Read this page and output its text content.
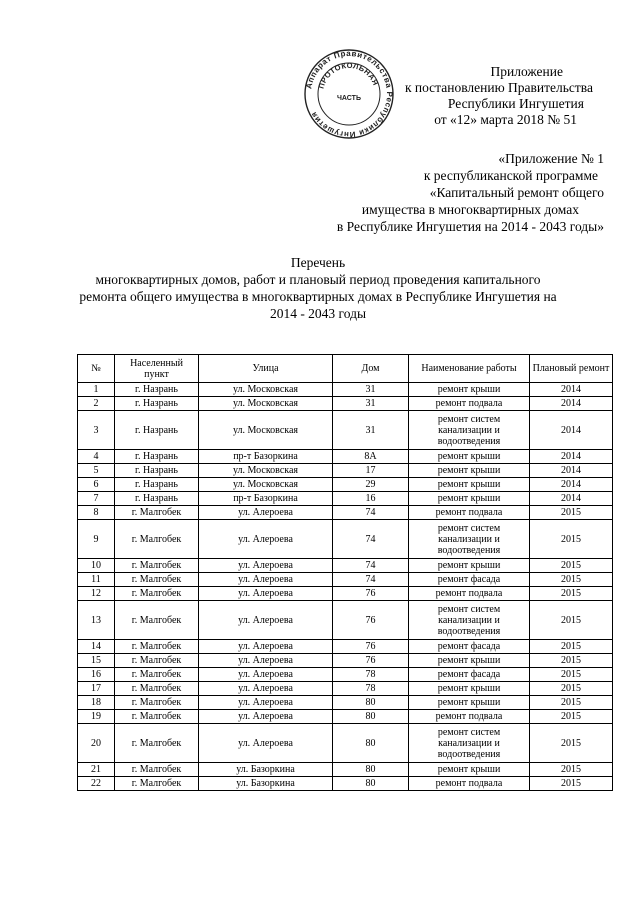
Аппарат Правительства Республики Ингушетия
ПРОТОКОЛЬНАЯ
ЧАСТЬ
Приложение
к постановлению Правительства
Республики Ингушетия
от «12» марта 2018 № 51
«Приложение № 1
к республиканской программе
«Капитальный ремонт общего
имущества в многоквартирных домах
в Республике Ингушетия на 2014 - 2043 годы»
Перечень
многоквартирных домов, работ и плановый период проведения капитального
ремонта общего имущества в многоквартирных домах в Республике Ингушетия на
2014 - 2043 годы
№	Населенный пункт	Улица	Дом	Наименование работы	Плановый ремонт
1	г. Назрань	ул. Московская	31	ремонт крыши	2014
2	г. Назрань	ул. Московская	31	ремонт подвала	2014
3	г. Назрань	ул. Московская	31	ремонт систем канализации и водоотведения	2014
4	г. Назрань	пр-т Базоркина	8А	ремонт крыши	2014
5	г. Назрань	ул. Московская	17	ремонт крыши	2014
6	г. Назрань	ул. Московская	29	ремонт крыши	2014
7	г. Назрань	пр-т Базоркина	16	ремонт крыши	2014
8	г. Малгобек	ул. Алероева	74	ремонт подвала	2015
9	г. Малгобек	ул. Алероева	74	ремонт систем канализации и водоотведения	2015
10	г. Малгобек	ул. Алероева	74	ремонт крыши	2015
11	г. Малгобек	ул. Алероева	74	ремонт фасада	2015
12	г. Малгобек	ул. Алероева	76	ремонт подвала	2015
13	г. Малгобек	ул. Алероева	76	ремонт систем канализации и водоотведения	2015
14	г. Малгобек	ул. Алероева	76	ремонт фасада	2015
15	г. Малгобек	ул. Алероева	76	ремонт крыши	2015
16	г. Малгобек	ул. Алероева	78	ремонт фасада	2015
17	г. Малгобек	ул. Алероева	78	ремонт крыши	2015
18	г. Малгобек	ул. Алероева	80	ремонт крыши	2015
19	г. Малгобек	ул. Алероева	80	ремонт подвала	2015
20	г. Малгобек	ул. Алероева	80	ремонт систем канализации и водоотведения	2015
21	г. Малгобек	ул. Базоркина	80	ремонт крыши	2015
22	г. Малгобек	ул. Базоркина	80	ремонт подвала	2015
